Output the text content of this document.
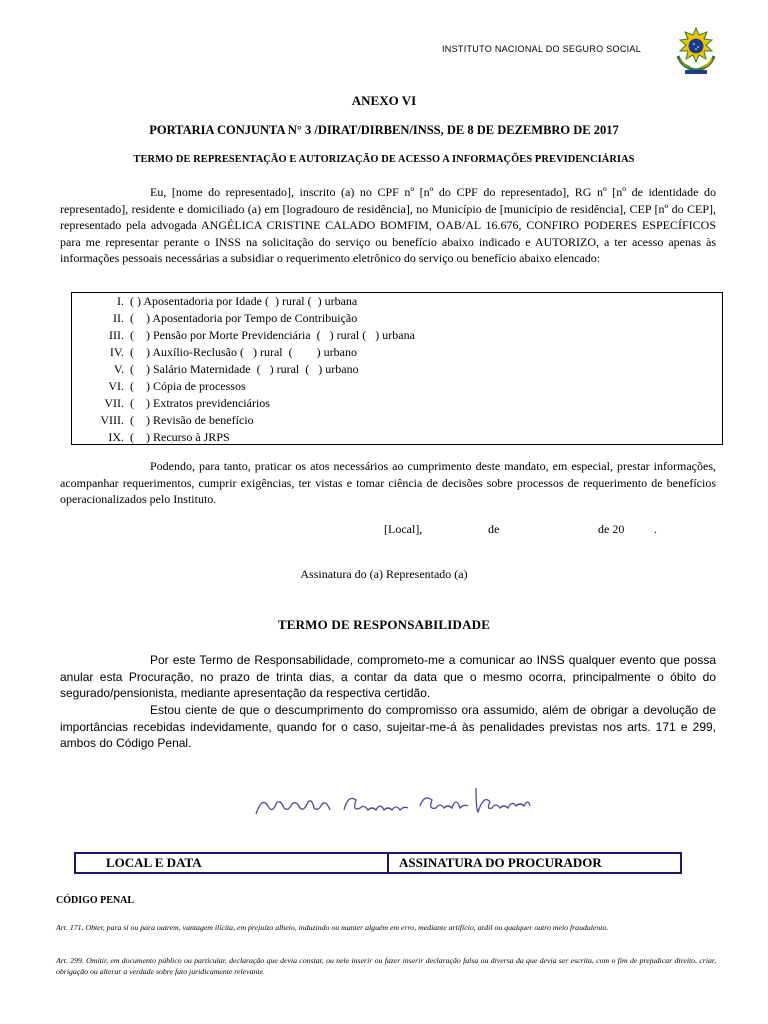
INSTITUTO NACIONAL DO SEGURO SOCIAL
ANEXO VI
PORTARIA CONJUNTA N° 3 /DIRAT/DIRBEN/INSS, DE 8 DE DEZEMBRO DE 2017
TERMO DE REPRESENTAÇÃO E AUTORIZAÇÃO DE ACESSO A INFORMAÇÕES PREVIDENCIÁRIAS
Eu, [nome do representado], inscrito (a) no CPF nº [nº do CPF do representado], RG nº [nº de identidade do representado], residente e domiciliado (a) em [logradouro de residência], no Município de [município de residência], CEP [nº do CEP], representado pela advogada ANGÉLICA CRISTINE CALADO BOMFIM, OAB/AL 16.676, CONFIRO PODERES ESPECÍFICOS para me representar perante o INSS na solicitação do serviço ou benefício abaixo indicado e AUTORIZO, a ter acesso apenas às informações pessoais necessárias a subsidiar o requerimento eletrônico do serviço ou benefício abaixo elencado:
I. ( ) Aposentadoria por Idade (  ) rural (  ) urbana
II. (    ) Aposentadoria por Tempo de Contribuição
III. (    ) Pensão por Morte Previdenciária  (   ) rural (   ) urbana
IV. (    ) Auxílio-Reclusão (   ) rural  (        ) urbano
V. (    ) Salário Maternidade  (   ) rural  (   ) urbano
VI. (    ) Cópia de processos
VII. (    ) Extratos previdenciários
VIII. (    ) Revisão de benefício
IX. (    ) Recurso à JRPS
Podendo, para tanto, praticar os atos necessários ao cumprimento deste mandato, em especial, prestar informações, acompanhar requerimentos, cumprir exigências, ter vistas e tomar ciência de decisões sobre processos de requerimento de benefícios operacionalizados pelo Instituto.
[Local],	de	de 20 .
Assinatura do (a) Representado (a)
TERMO DE RESPONSABILIDADE
Por este Termo de Responsabilidade, comprometo-me a comunicar ao INSS qualquer evento que possa anular esta Procuração, no prazo de trinta dias, a contar da data que o mesmo ocorra, principalmente o óbito do segurado/pensionista, mediante apresentação da respectiva certidão.
Estou ciente de que o descumprimento do compromisso ora assumido, além de obrigar a devolução de importâncias recebidas indevidamente, quando for o caso, sujeitar-me-á às penalidades previstas nos arts. 171 e 299, ambos do Código Penal.
LOCAL E DATA	ASSINATURA DO PROCURADOR
CÓDIGO PENAL
Art. 171. Obter, para si ou para outrem, vantagem ilícita, em prejuízo alheio, induzindo ou manter alguém em erro, mediante artifício, ardil ou qualquer outro meio fraudulento.
Art. 299. Omitir, em documento público ou particular, declaração que devia constar, ou nele inserir ou fazer inserir declaração falsa ou diversa da que devia ser escrita, com o fim de prejudicar direito, criar, obrigação ou alterar a verdade sobre fato juridicamente relevante.
